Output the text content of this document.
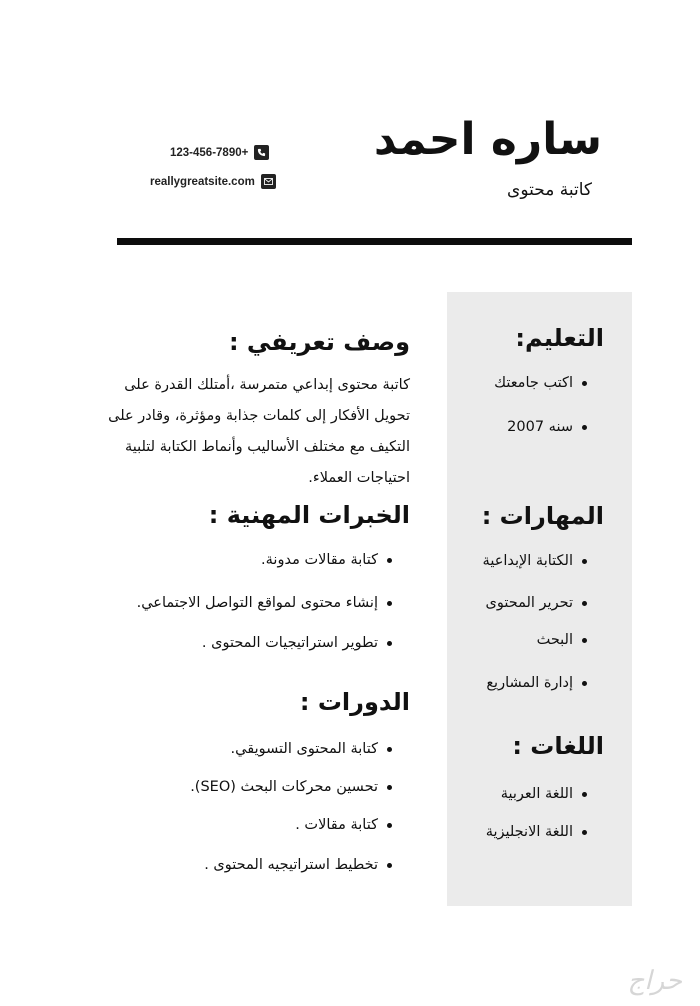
ساره احمد
كاتبة محتوى
123-456-7890+
reallygreatsite.com
التعليم:
اكتب جامعتك
سنه 2007
المهارات :
الكتابة الإبداعية
تحرير المحتوى
البحث
إدارة المشاريع
اللغات :
اللغة العربية
اللغة الانجليزية
وصف تعريفي :
كاتبة محتوى إبداعي متمرسة ،أمتلك القدرة على
تحويل الأفكار إلى كلمات جذابة ومؤثرة، وقادر على
التكيف مع مختلف الأساليب وأنماط الكتابة لتلبية
احتياجات العملاء.
الخبرات المهنية :
كتابة مقالات مدونة.
إنشاء محتوى لمواقع التواصل الاجتماعي.
تطوير استراتيجيات المحتوى .
الدورات :
كتابة المحتوى التسويقي.
تحسين محركات البحث (SEO).
كتابة مقالات .
تخطيط استراتيجيه المحتوى .
حراج
